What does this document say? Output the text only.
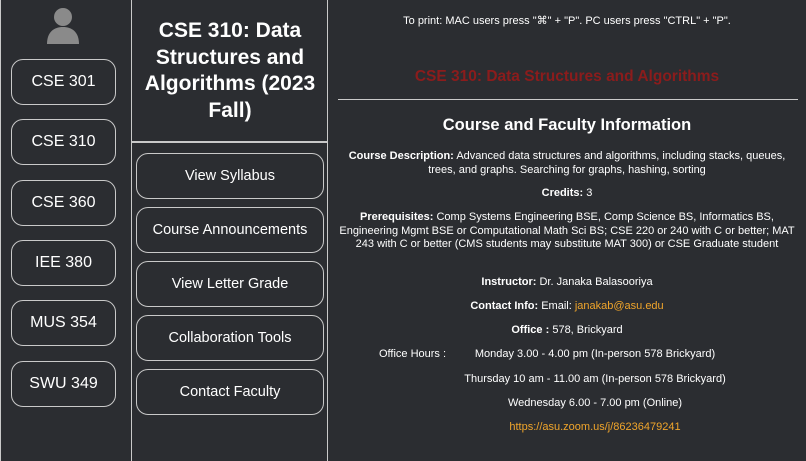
CSE 301
CSE 310
CSE 360
IEE 380
MUS 354
SWU 349
CSE 310: Data Structures and Algorithms (2023 Fall)
View Syllabus
Course Announcements
View Letter Grade
Collaboration Tools
Contact Faculty
To print: MAC users press "⌘" + "P". PC users press "CTRL" + "P".
CSE 310: Data Structures and Algorithms
Course and Faculty Information
Course Description: Advanced data structures and algorithms, including stacks, queues, trees, and graphs. Searching for graphs, hashing, sorting
Credits: 3
Prerequisites: Comp Systems Engineering BSE, Comp Science BS, Informatics BS, Engineering Mgmt BSE or Computational Math Sci BS; CSE 220 or 240 with C or better; MAT 243 with C or better (CMS students may substitute MAT 300) or CSE Graduate student
Instructor: Dr. Janaka Balasooriya
Contact Info: Email: janakab@asu.edu
Office : 578, Brickyard
Office Hours :	Monday 3.00 - 4.00 pm (In-person 578 Brickyard)
Thursday 10 am - 11.00 am (In-person 578 Brickyard)
Wednesday 6.00 - 7.00 pm (Online)
https://asu.zoom.us/j/86236479241
